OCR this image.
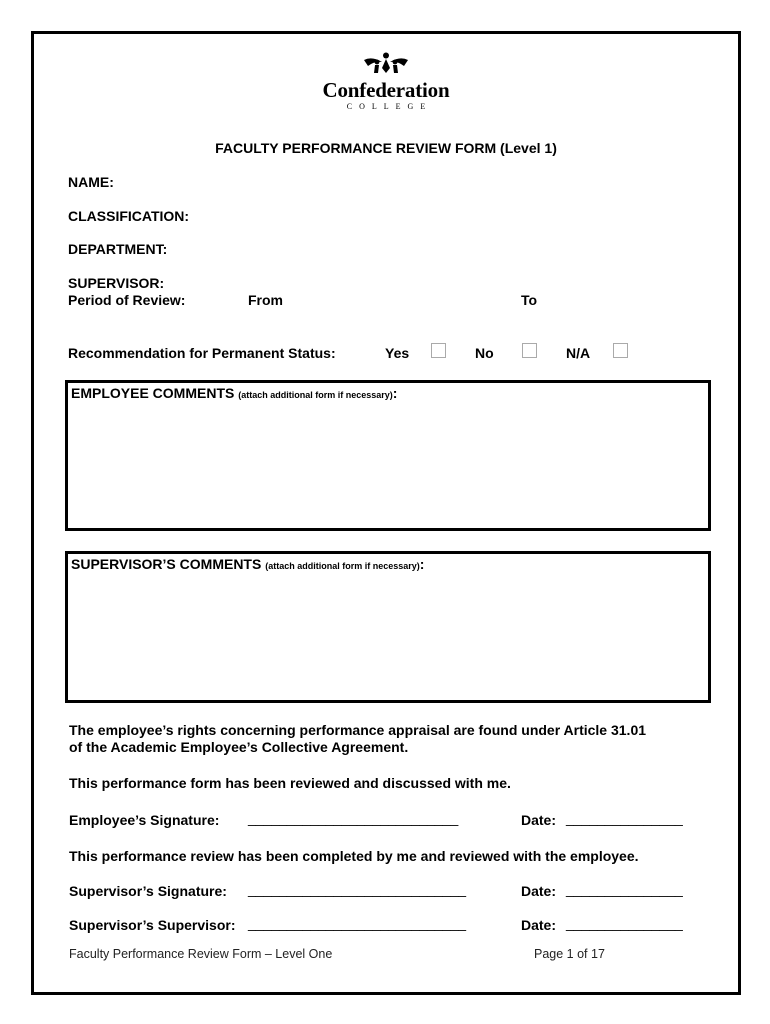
Confederation
COLLEGE
FACULTY PERFORMANCE REVIEW FORM (Level 1)
NAME:
CLASSIFICATION:
DEPARTMENT:
SUPERVISOR:
Period of Review:	From	To
Recommendation for Permanent Status:	Yes	No	N/A
EMPLOYEE COMMENTS (attach additional form if necessary):
SUPERVISOR’S COMMENTS (attach additional form if necessary):
The employee’s rights concerning performance appraisal are found under Article 31.01
of the Academic Employee’s Collective Agreement.
This performance form has been reviewed and discussed with me.
Employee’s Signature: ___________________________	Date: _______________
This performance review has been completed by me and reviewed with the employee.
Supervisor’s Signature: ____________________________	Date: _______________
Supervisor’s Supervisor: ____________________________	Date: _______________
Faculty Performance Review Form – Level One	Page 1 of 17
